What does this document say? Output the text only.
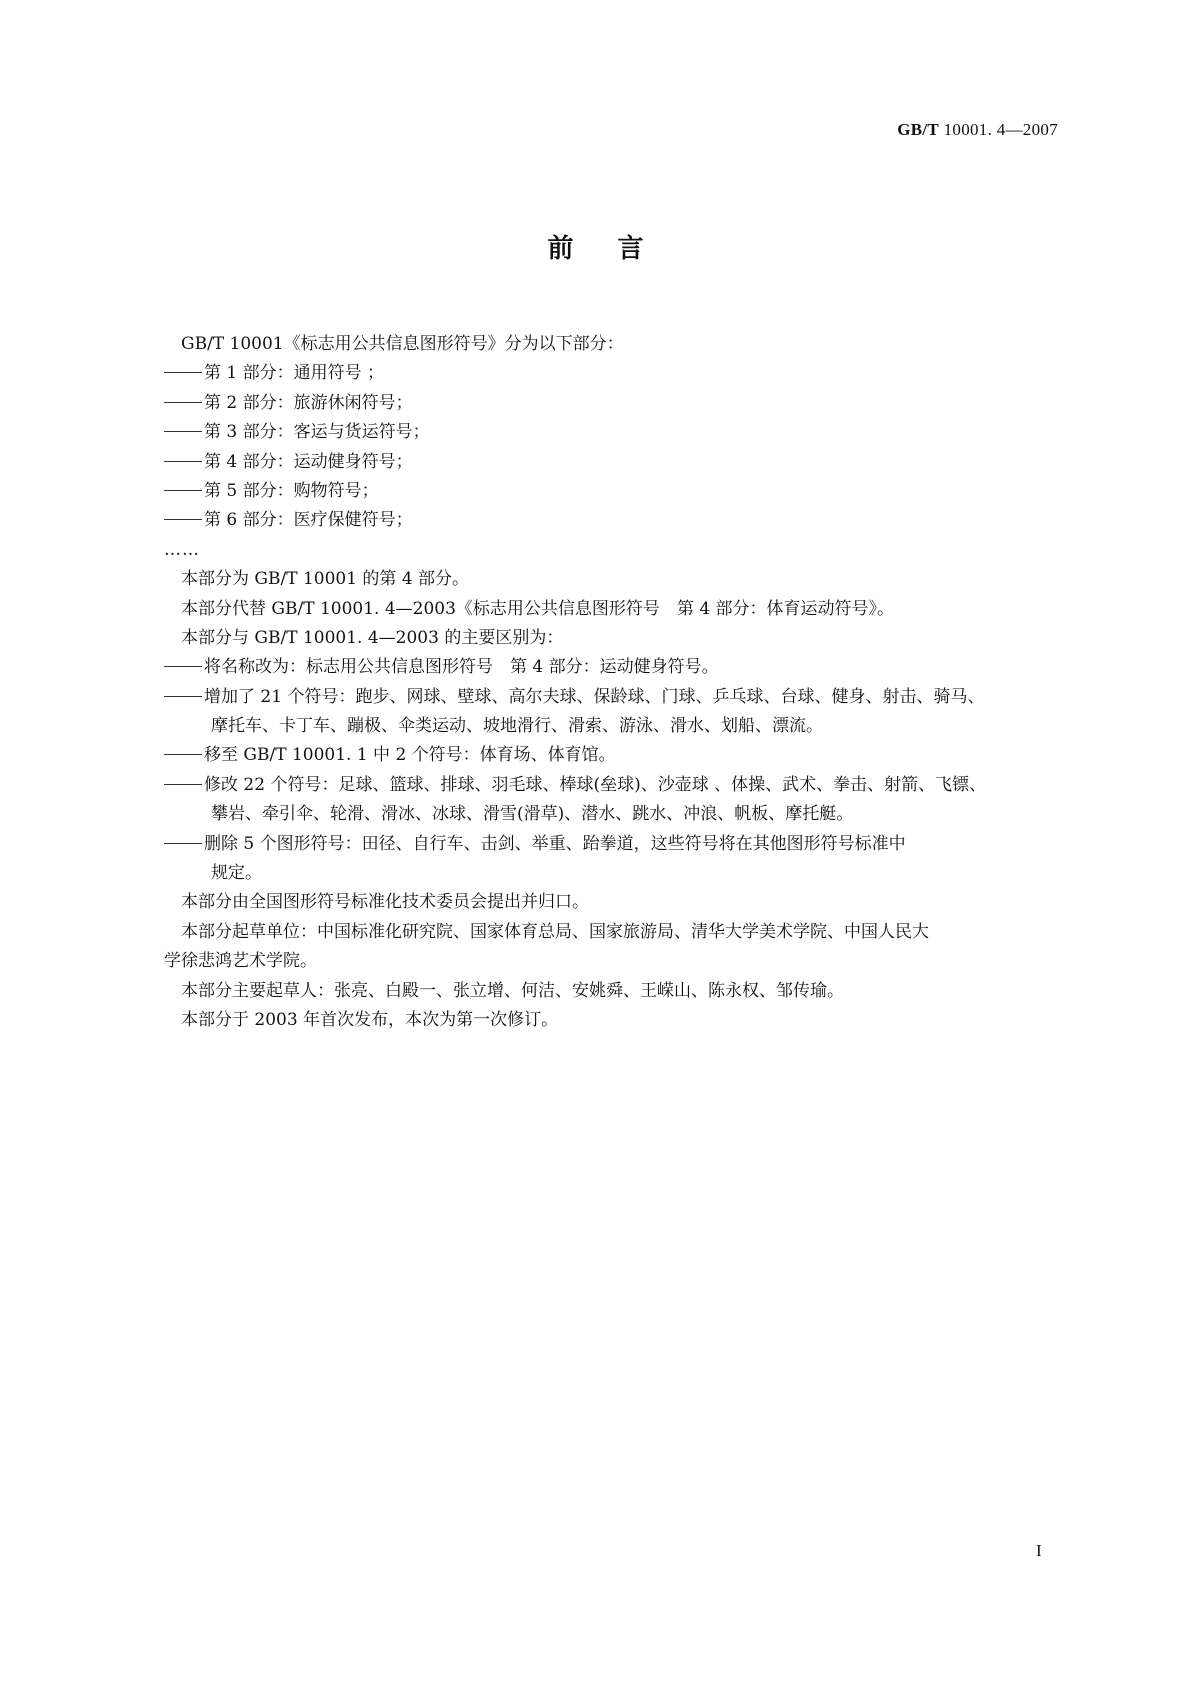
GB/T 10001. 4—2007
前言
GB/T 10001《标志用公共信息图形符号》分为以下部分：
第 1 部分：通用符号 ；
第 2 部分：旅游休闲符号；
第 3 部分：客运与货运符号；
第 4 部分：运动健身符号；
第 5 部分：购物符号；
第 6 部分：医疗保健符号；
……
本部分为 GB/T 10001 的第 4 部分。
本部分代替 GB/T 10001. 4—2003《标志用公共信息图形符号　第 4 部分：体育运动符号》。
本部分与 GB/T 10001. 4—2003 的主要区别为：
将名称改为：标志用公共信息图形符号　第 4 部分：运动健身符号。
增加了 21 个符号：跑步、网球、壁球、高尔夫球、保龄球、门球、乒乓球、台球、健身、射击、骑马、
摩托车、卡丁车、蹦极、伞类运动、坡地滑行、滑索、游泳、滑水、划船、漂流。
移至 GB/T 10001. 1 中 2 个符号：体育场、体育馆。
修改 22 个符号：足球、篮球、排球、羽毛球、棒球(垒球)、沙壶球 、体操、武术、拳击、射箭、飞镖、
攀岩、牵引伞、轮滑、滑冰、冰球、滑雪(滑草)、潜水、跳水、冲浪、帆板、摩托艇。
删除 5 个图形符号：田径、自行车、击剑、举重、跆拳道，这些符号将在其他图形符号标准中
规定。
本部分由全国图形符号标准化技术委员会提出并归口。
本部分起草单位：中国标准化研究院、国家体育总局、国家旅游局、清华大学美术学院、中国人民大
学徐悲鸿艺术学院。
本部分主要起草人：张亮、白殿一、张立增、何洁、安姚舜、王嵘山、陈永权、邹传瑜。
本部分于 2003 年首次发布，本次为第一次修订。
I
